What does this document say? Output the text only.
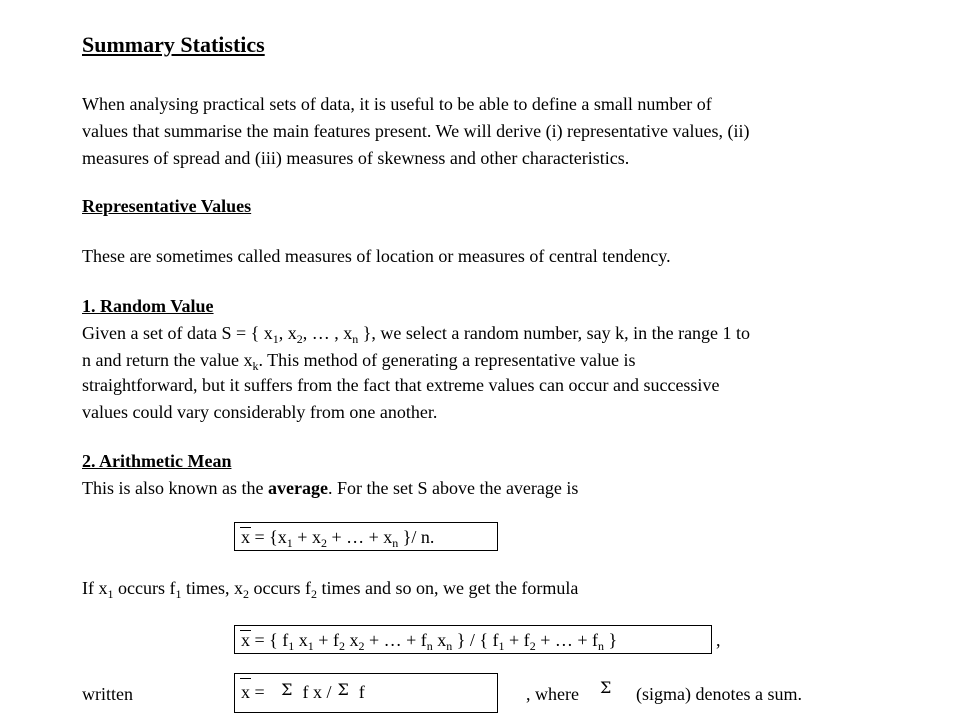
Summary Statistics
When analysing practical sets of data, it is useful to be able to define a small number of
values that summarise the main features present. We will derive (i) representative values, (ii)
measures of spread and (iii) measures of skewness and other characteristics.
Representative Values
These are sometimes called measures of location or measures of central tendency.
1. Random Value
Given a set of data S = { $x_1$, $x_2$, … , $x_n$ }, we select a random number, say k, in the range 1 to
n and return the value $x_k$. This method of generating a representative value is
straightforward, but it suffers from the fact that extreme values can occur and successive
values could vary considerably from one another.
2. Arithmetic Mean
This is also known as the average. For the set S above the average is
$x = \{x_1 + x_2$ + … + $x_n$ }/ n.
If $x_1$ occurs $f_1$ times, $x_2$ occurs $f_2$ times and so on, we get the formula
x = { $f_1$ $x_1 + f_2$ $x_2$ + … + $f_n$ $x_n$ } / { $f_1 + f_2$ + … + $f_n$ }	,
written	x = Σ f x / Σ f	, where Σ (sigma) denotes a sum.
